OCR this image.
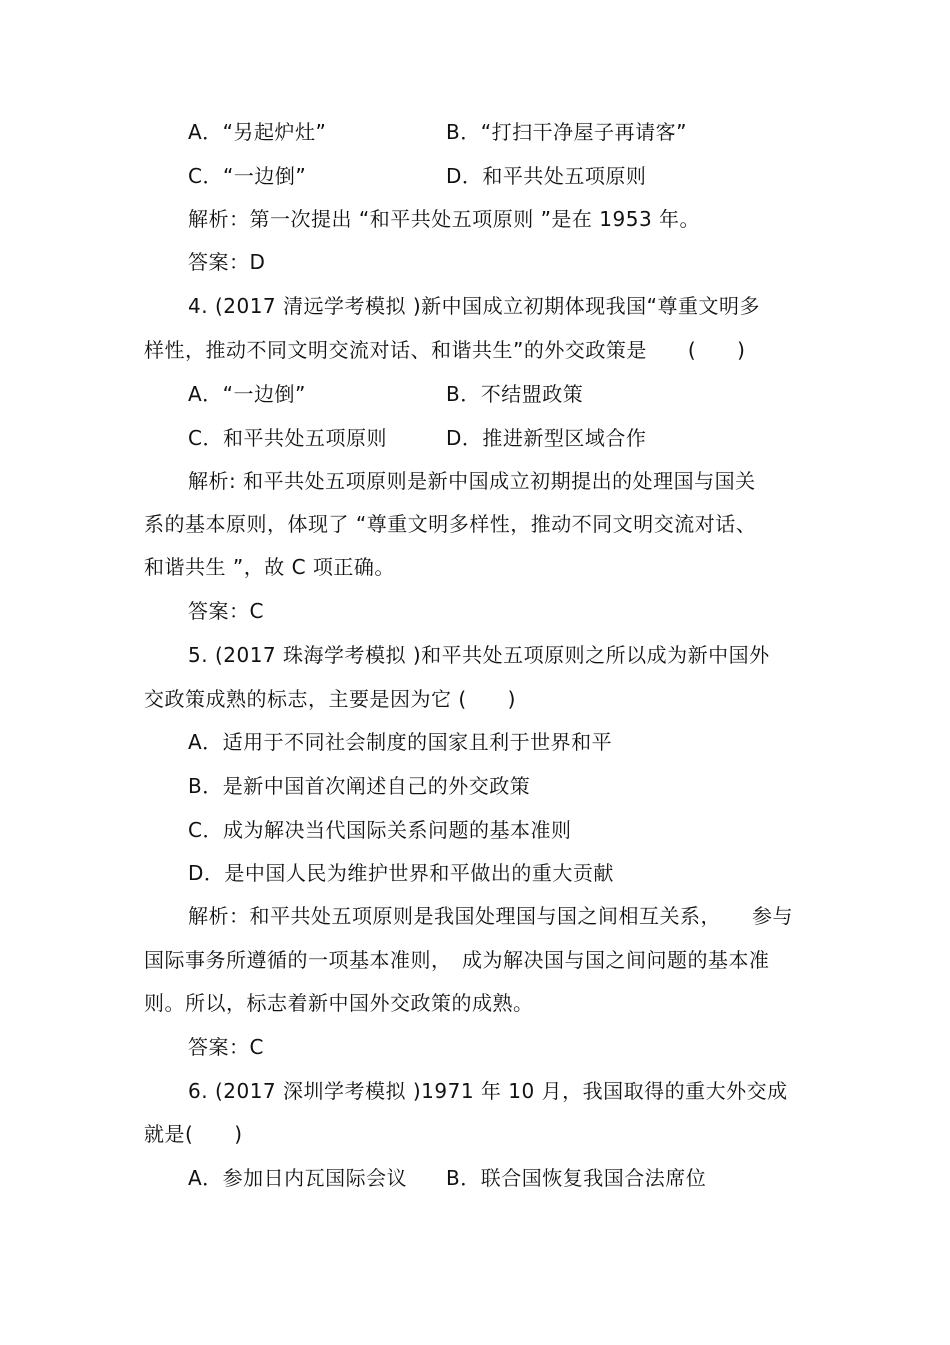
A．“另起炉灶”	B．“打扫干净屋子再请客”
C．“一边倒”	D．和平共处五项原则
解析：第一次提出 “和平共处五项原则 ”是在 1953 年。
答案：D
4. (2017 清远学考模拟 )新中国成立初期体现我国“尊重文明多
样性，推动不同文明交流对话、和谐共生”的外交政策是　　(　　)
A．“一边倒”	B．不结盟政策
C．和平共处五项原则	D．推进新型区域合作
解析: 和平共处五项原则是新中国成立初期提出的处理国与国关
系的基本原则，体现了 “尊重文明多样性，推动不同文明交流对话、
和谐共生 ”，故 C 项正确。
答案：C
5. (2017 珠海学考模拟 )和平共处五项原则之所以成为新中国外
交政策成熟的标志，主要是因为它 (　　)
A．适用于不同社会制度的国家且利于世界和平
B．是新中国首次阐述自己的外交政策
C．成为解决当代国际关系问题的基本准则
D．是中国人民为维护世界和平做出的重大贡献
解析：和平共处五项原则是我国处理国与国之间相互关系，　　参与
国际事务所遵循的一项基本准则，　成为解决国与国之间问题的基本准
则。所以，标志着新中国外交政策的成熟。
答案：C
6. (2017 深圳学考模拟 )1971 年 10 月，我国取得的重大外交成
就是(　　)
A．参加日内瓦国际会议 B．联合国恢复我国合法席位
